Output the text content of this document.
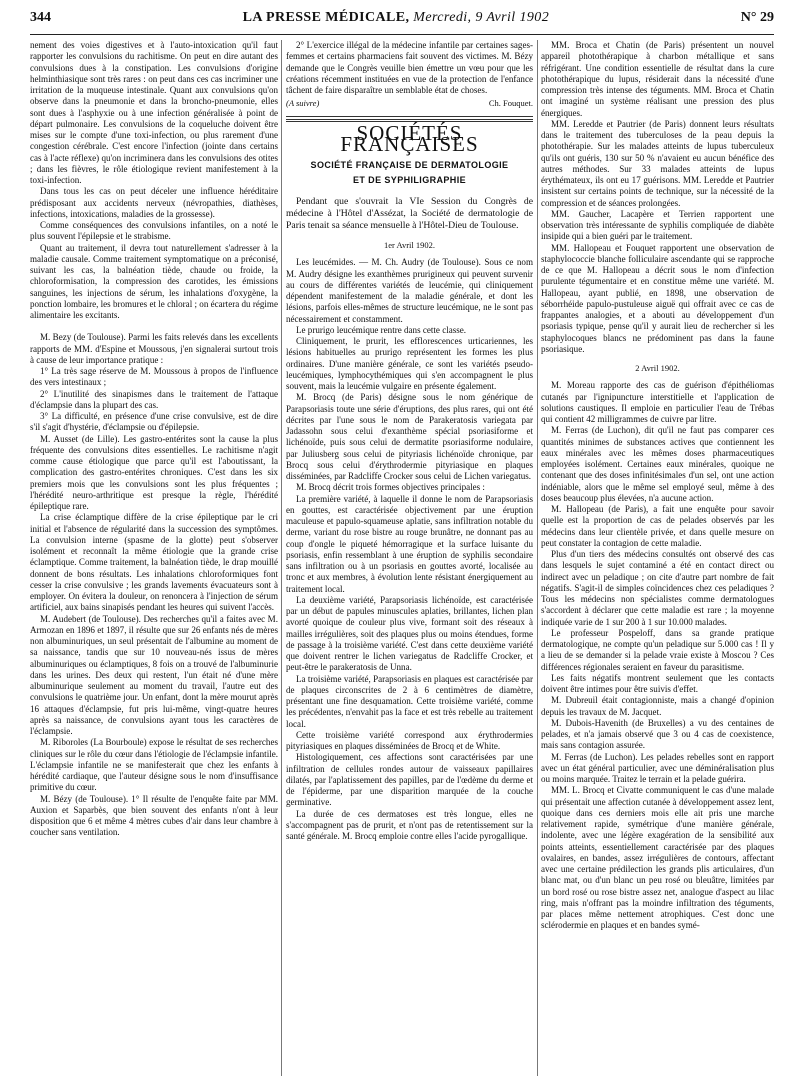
344	LA PRESSE MÉDICALE, Mercredi, 9 Avril 1902	N° 29

nement des voies digestives et à l'auto-intoxication qu'il faut rapporter les convulsions du rachitisme. On peut en dire autant des convulsions dues à la constipation. Les convulsions d'origine helminthiasique sont très rares : on peut dans ces cas incriminer une irritation de la muqueuse intestinale. Quant aux convulsions qu'on observe dans la pneumonie et dans la broncho-pneumonie, elles sont dues à l'asphyxie ou à une infection généralisée à point de départ pulmonaire. Les convulsions de la coqueluche doivent être mises sur le compte d'une toxi-infection, ou plus rarement d'une congestion cérébrale. C'est encore l'infection (jointe dans certains cas à l'acte réflexe) qu'on incriminera dans les convulsions des otites ; dans les fièvres, le rôle étiologique revient manifestement à la toxi-infection.

Dans tous les cas on peut déceler une influence héréditaire prédisposant aux accidents nerveux (névropathies, diathèses, infections, intoxications, maladies de la grossesse).

Comme conséquences des convulsions infantiles, on a noté le plus souvent l'épilepsie et le strabisme.

Quant au traitement, il devra tout naturellement s'adresser à la maladie causale. Comme traitement symptomatique on a préconisé, suivant les cas, la balnéation tiède, chaude ou froide, la chloroformisation, la compression des carotides, les émissions sanguines, les injections de sérum, les inhalations d'oxygène, la ponction lombaire, les bromures et le chloral ; on écartera du régime alimentaire les excitants.

M. Bezy (de Toulouse). Parmi les faits relevés dans les excellents rapports de MM. d'Espine et Moussous, j'en signalerai surtout trois à cause de leur importance pratique :

1° La très sage réserve de M. Moussous à propos de l'influence des vers intestinaux ;

2° L'inutilité des sinapismes dans le traitement de l'attaque d'éclampsie dans la plupart des cas.

3° La difficulté, en présence d'une crise convulsive, est de dire s'il s'agit d'hystérie, d'éclampsie ou d'épilepsie.

M. Ausset (de Lille). Les gastro-entérites sont la cause la plus fréquente des convulsions dites essentielles. Le rachitisme n'agit comme cause étiologique que parce qu'il est l'aboutissant, la complication des gastro-entérites chroniques. C'est dans les six premiers mois que les convulsions sont les plus fréquentes ; l'hérédité neuro-arthritique est presque la règle, l'hérédité épileptique rare.

La crise éclamptique diffère de la crise épileptique par le cri initial et l'absence de régularité dans la succession des symptômes. La convulsion interne (spasme de la glotte) peut s'observer isolément et reconnaît la même étiologie que la grande crise éclamptique. Comme traitement, la balnéation tiède, le drap mouillé donnent de bons résultats. Les inhalations chloroformiques font cesser la crise convulsive ; les grands lavements évacuateurs sont à employer. On évitera la douleur, on renoncera à l'injection de sérum artificiel, aux bains sinapisés pendant les heures qui suivent l'accès.

M. Audebert (de Toulouse). Des recherches qu'il a faites avec M. Armozan en 1896 et 1897, il résulte que sur 26 enfants nés de mères non albuminuriques, un seul présentait de l'albumine au moment de sa naissance, tandis que sur 10 nouveau-nés issus de mères albuminuriques ou éclamptiques, 8 fois on a trouvé de l'albuminurie dans les urines. Des deux qui restent, l'un était né d'une mère albuminurique seulement au moment du travail, l'autre eut des convulsions le quatrième jour. Un enfant, dont la mère mourut après 16 attaques d'éclampsie, fut pris lui-même, vingt-quatre heures après sa naissance, de convulsions ayant tous les caractères de l'éclampsie.

M. Riboroles (La Bourboule) expose le résultat de ses recherches cliniques sur le rôle du cœur dans l'étiologie de l'éclampsie infantile. L'éclampsie infantile ne se manifesterait que chez les enfants à hérédité cardiaque, que l'auteur désigne sous le nom d'insuffisance primitive du cœur.

M. Bézy (de Toulouse). 1° Il résulte de l'enquête faite par MM. Auxion et Saparbès, que bien souvent des enfants n'ont à leur disposition que 6 et même 4 mètres cubes d'air dans leur chambre à coucher sans ventilation.

2° L'exercice illégal de la médecine infantile par certaines sages-femmes et certains pharmaciens fait souvent des victimes. M. Bézy demande que le Congrès veuille bien émettre un vœu pour que les créations récemment instituées en vue de la protection de l'enfance tâchent de faire disparaître un semblable état de choses.

(A suivre)	Ch. Fouquet.
SOCIÉTÉS FRANÇAISES
SOCIÉTÉ FRANÇAISE DE DERMATOLOGIE
ET DE SYPHILIGRAPHIE

Pendant que s'ouvrait la VIe Session du Congrès de médecine à l'Hôtel d'Assézat, la Société de dermatologie de Paris tenait sa séance mensuelle à l'Hôtel-Dieu de Toulouse.

1er Avril 1902.

Les leucémides. — M. Ch. Audry (de Toulouse). Sous ce nom M. Audry désigne les exanthèmes prurigineux qui peuvent survenir au cours de différentes variétés de leucémie, qui cliniquement dépendent manifestement de la maladie générale, et dont les lésions, parfois elles-mêmes de structure leucémique, ne le sont pas nécessairement et constamment.

Le prurigo leucémique rentre dans cette classe.

Cliniquement, le prurit, les efflorescences urticariennes, les lésions habituelles au prurigo représentent les formes les plus ordinaires. D'une manière générale, ce sont les variétés pseudo-leucémiques, lymphocythémiques qui s'en accompagnent le plus souvent, mais la leucémie vulgaire en présente également.

M. Brocq (de Paris) désigne sous le nom générique de Parapsoriasis toute une série d'éruptions, des plus rares, qui ont été décrites par l'une sous le nom de Parakeratosis variegata par Jadassohn sous celui d'exanthème spécial psoriasiforme et lichénoïde, puis sous celui de dermatite psoriasiforme nodulaire, par Juliusberg sous celui de pityriasis lichénoïde chronique, par Brocq sous celui d'érythrodermie pityriasique en plaques disséminées, par Radcliffe Crocker sous celui de Lichen variegatus.

M. Brocq décrit trois formes objectives principales :

La première variété, à laquelle il donne le nom de Parapsoriasis en gouttes, est caractérisée objectivement par une éruption maculeuse et papulo-squameuse aplatie, sans infiltration notable du derme, variant du rose bistre au rouge brunâtre, ne donnant pas au coup d'ongle le piqueté hémorragique et la surface luisante du psoriasis, enfin ressemblant à une éruption de syphilis secondaire sans infiltration ou à un psoriasis en gouttes avorté, localisée au tronc et aux membres, à évolution lente résistant énergiquement au traitement local.

La deuxième variété, Parapsoriasis lichénoïde, est caractérisée par un début de papules minuscules aplaties, brillantes, lichen plan avorté quoique de couleur plus vive, formant soit des réseaux à mailles irrégulières, soit des plaques plus ou moins étendues, forme de passage à la troisième variété. C'est dans cette deuxième variété que doivent rentrer le lichen variegatus de Radcliffe Crocker, et peut-être le parakeratosis de Unna.

La troisième variété, Parapsoriasis en plaques est caractérisée par de plaques circonscrites de 2 à 6 centimètres de diamètre, présentant une fine desquamation. Cette troisième variété, comme les précédentes, n'envahit pas la face et est très rebelle au traitement local.

Cette troisième variété correspond aux érythrodermies pityriasiques en plaques disséminées de Brocq et de White.

Histologiquement, ces affections sont caractérisées par une infiltration de cellules rondes autour de vaisseaux papillaires dilatés, par l'aplatissement des papilles, par de l'œdème du derme et de l'épiderme, par une disparition marquée de la couche germinative.

La durée de ces dermatoses est très longue, elles ne s'accompagnent pas de prurit, et n'ont pas de retentissement sur la santé générale. M. Brocq emploie contre elles l'acide pyrogallique.

MM. Broca et Chatin (de Paris) présentent un nouvel appareil photothérapique à charbon métallique et sans réfrigérant. Une condition essentielle de résultat dans la cure photothérapique du lupus, résiderait dans la nécessité d'une compression très intense des téguments. MM. Broca et Chatin ont imaginé un système réalisant une pression des plus énergiques.

MM. Leredde et Pautrier (de Paris) donnent leurs résultats dans le traitement des tuberculoses de la peau depuis la photothérapie. Sur les malades atteints de lupus tuberculeux qu'ils ont guéris, 130 sur 50 % n'avaient eu aucun bénéfice des autres méthodes. Sur 33 malades atteints de lupus érythémateux, ils ont eu 17 guérisons. MM. Leredde et Pautrier insistent sur certains points de technique, sur la nécessité de la compression et de séances prolongées.

MM. Gaucher, Lacapère et Terrien rapportent une observation très intéressante de syphilis compliquée de diabète insipide qui a bien guéri par le traitement.

MM. Hallopeau et Fouquet rapportent une observation de staphylococcie blanche folliculaire ascendante qui se rapproche de ce que M. Hallopeau a décrit sous le nom d'infection purulente tégumentaire et en constitue même une variété. M. Hallopeau, ayant publié, en 1898, une observation de séborrhéide papulo-pustuleuse aiguë qui offrait avec ce cas de frappantes analogies, et a abouti au développement d'un psoriasis typique, pense qu'il y aurait lieu de rechercher si les staphylocoques blancs ne prédominent pas dans la faune psoriasique.

2 Avril 1902.

M. Moreau rapporte des cas de guérison d'épithéliomas cutanés par l'ignipuncture interstitielle et l'application de solutions caustiques. Il emploie en particulier l'eau de Trébas qui contient 42 milligrammes de cuivre par litre.

M. Ferras (de Luchon), dit qu'il ne faut pas comparer ces quantités minimes de substances actives que contiennent les eaux minérales avec les mêmes doses pharmaceutiques employées isolément. Certaines eaux minérales, quoique ne contenant que des doses infinitésimales d'un sel, ont une action indéniable, alors que le même sel employé seul, même à des doses beaucoup plus élevées, n'a aucune action.

M. Hallopeau (de Paris), a fait une enquête pour savoir quelle est la proportion de cas de pelades observés par les médecins dans leur clientèle privée, et dans quelle mesure on peut constater la contagion de cette maladie.

Plus d'un tiers des médecins consultés ont observé des cas dans lesquels le sujet contaminé a été en contact direct ou indirect avec un peladique ; on cite d'autre part nombre de fait négatifs. S'agit-il de simples coïncidences chez ces peladiques ? Tous les médecins non spécialistes comme dermatologues s'accordent à déclarer que cette maladie est rare ; la moyenne indiquée varie de 1 sur 200 à 1 sur 10.000 malades.

Le professeur Pospeloff, dans sa grande pratique dermatologique, ne compte qu'un peladique sur 5.000 cas ! Il y a lieu de se demander si la pelade vraie existe à Moscou ? Ces différences régionales seraient en faveur du parasitisme.

Les faits négatifs montrent seulement que les contacts doivent être intimes pour être suivis d'effet.

M. Dubreuil était contagionniste, mais a changé d'opinion depuis les travaux de M. Jacquet.

M. Dubois-Havenith (de Bruxelles) a vu des centaines de pelades, et n'a jamais observé que 3 ou 4 cas de coexistence, mais sans contagion assurée.

M. Ferras (de Luchon). Les pelades rebelles sont en rapport avec un état général particulier, avec une déminéralisation plus ou moins marquée. Traitez le terrain et la pelade guérira.

MM. L. Brocq et Civatte communiquent le cas d'une malade qui présentait une affection cutanée à développement assez lent, quoique dans ces derniers mois elle ait pris une marche relativement rapide, symétrique d'une manière générale, indolente, avec une légère exagération de la sensibilité aux points atteints, essentiellement caractérisée par des plaques ovalaires, en bandes, assez irrégulières de contours, affectant avec une certaine prédilection les grands plis articulaires, d'un blanc mat, ou d'un blanc un peu rosé ou bleuâtre, limitées par un bord rosé ou rose bistre assez net, analogue d'aspect au lilac ring, mais n'offrant pas la moindre infiltration des téguments, par places même nettement atrophiques. C'est donc une sclérodermie en plaques et en bandes symé-
